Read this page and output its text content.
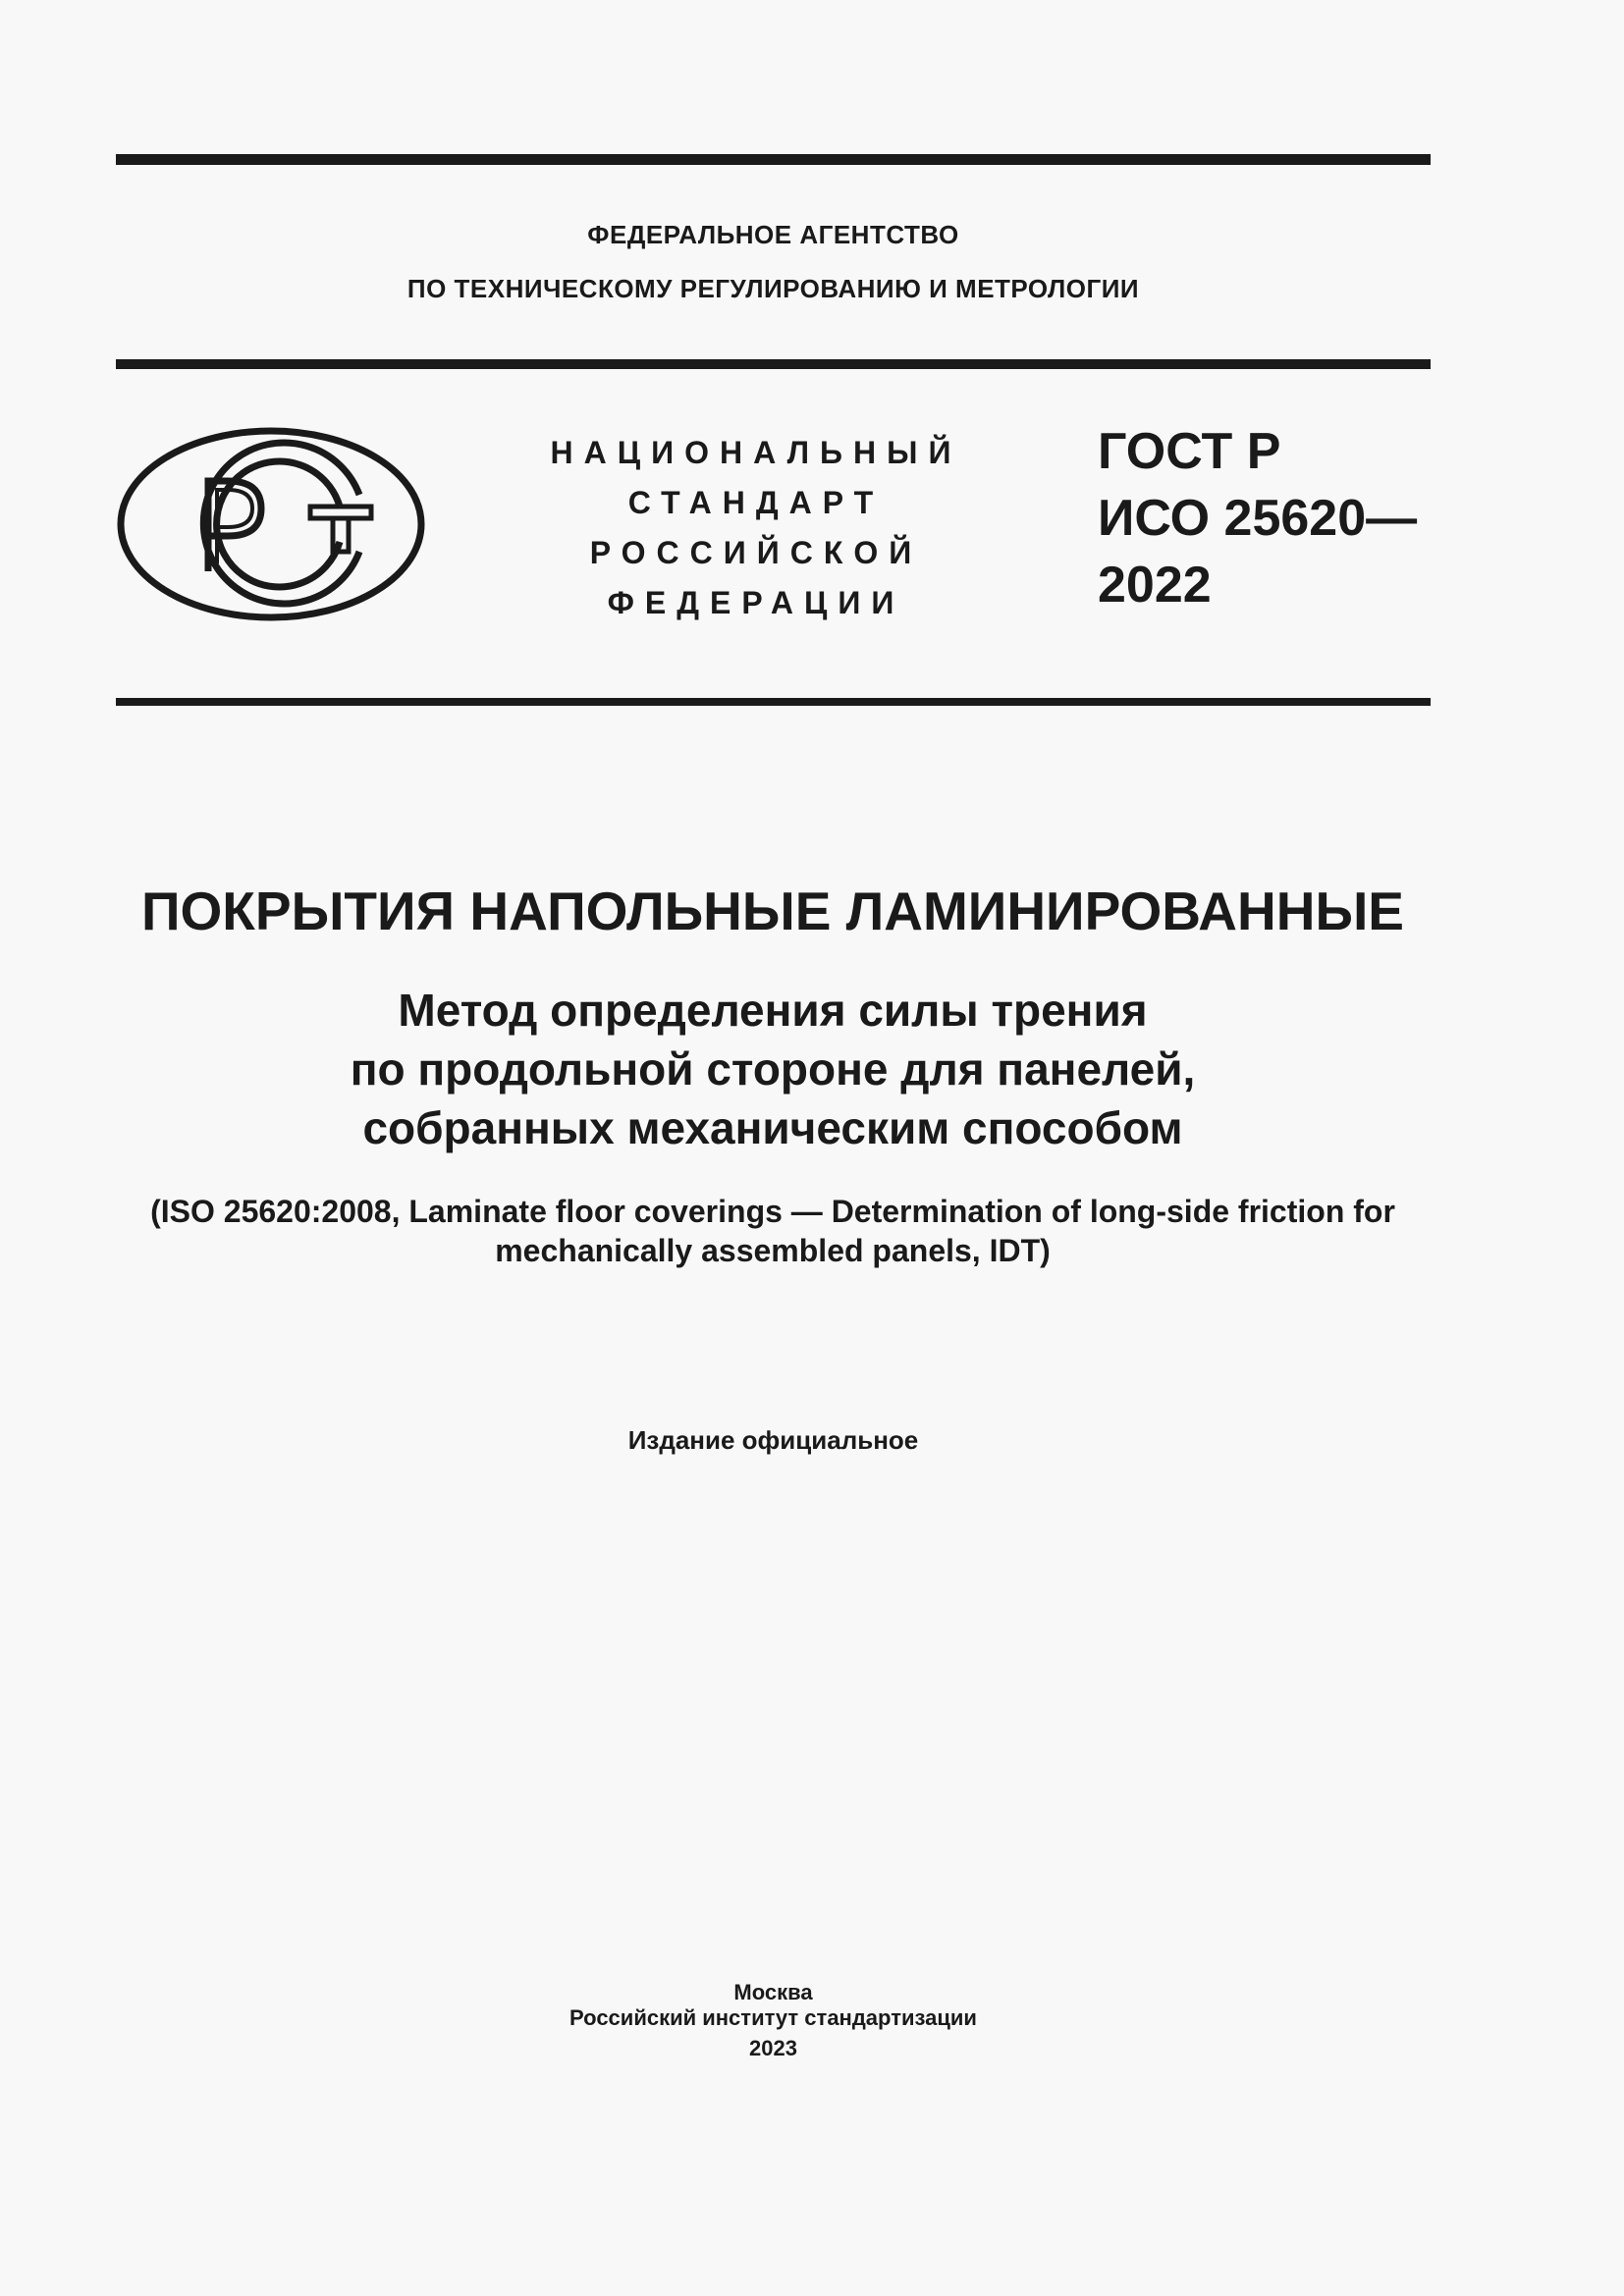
ФЕДЕРАЛЬНОЕ АГЕНТСТВО
ПО ТЕХНИЧЕСКОМУ РЕГУЛИРОВАНИЮ И МЕТРОЛОГИИ
НАЦИОНАЛЬНЫЙ
СТАНДАРТ
РОССИЙСКОЙ
ФЕДЕРАЦИИ
ГОСТ Р
ИСО 25620—
2022
ПОКРЫТИЯ НАПОЛЬНЫЕ ЛАМИНИРОВАННЫЕ
Метод определения силы трения
по продольной стороне для панелей,
собранных механическим способом
(ISO 25620:2008, Laminate floor coverings — Determination of long-side friction for
mechanically assembled panels, IDT)
Издание официальное
Москва
Российский институт стандартизации
2023
